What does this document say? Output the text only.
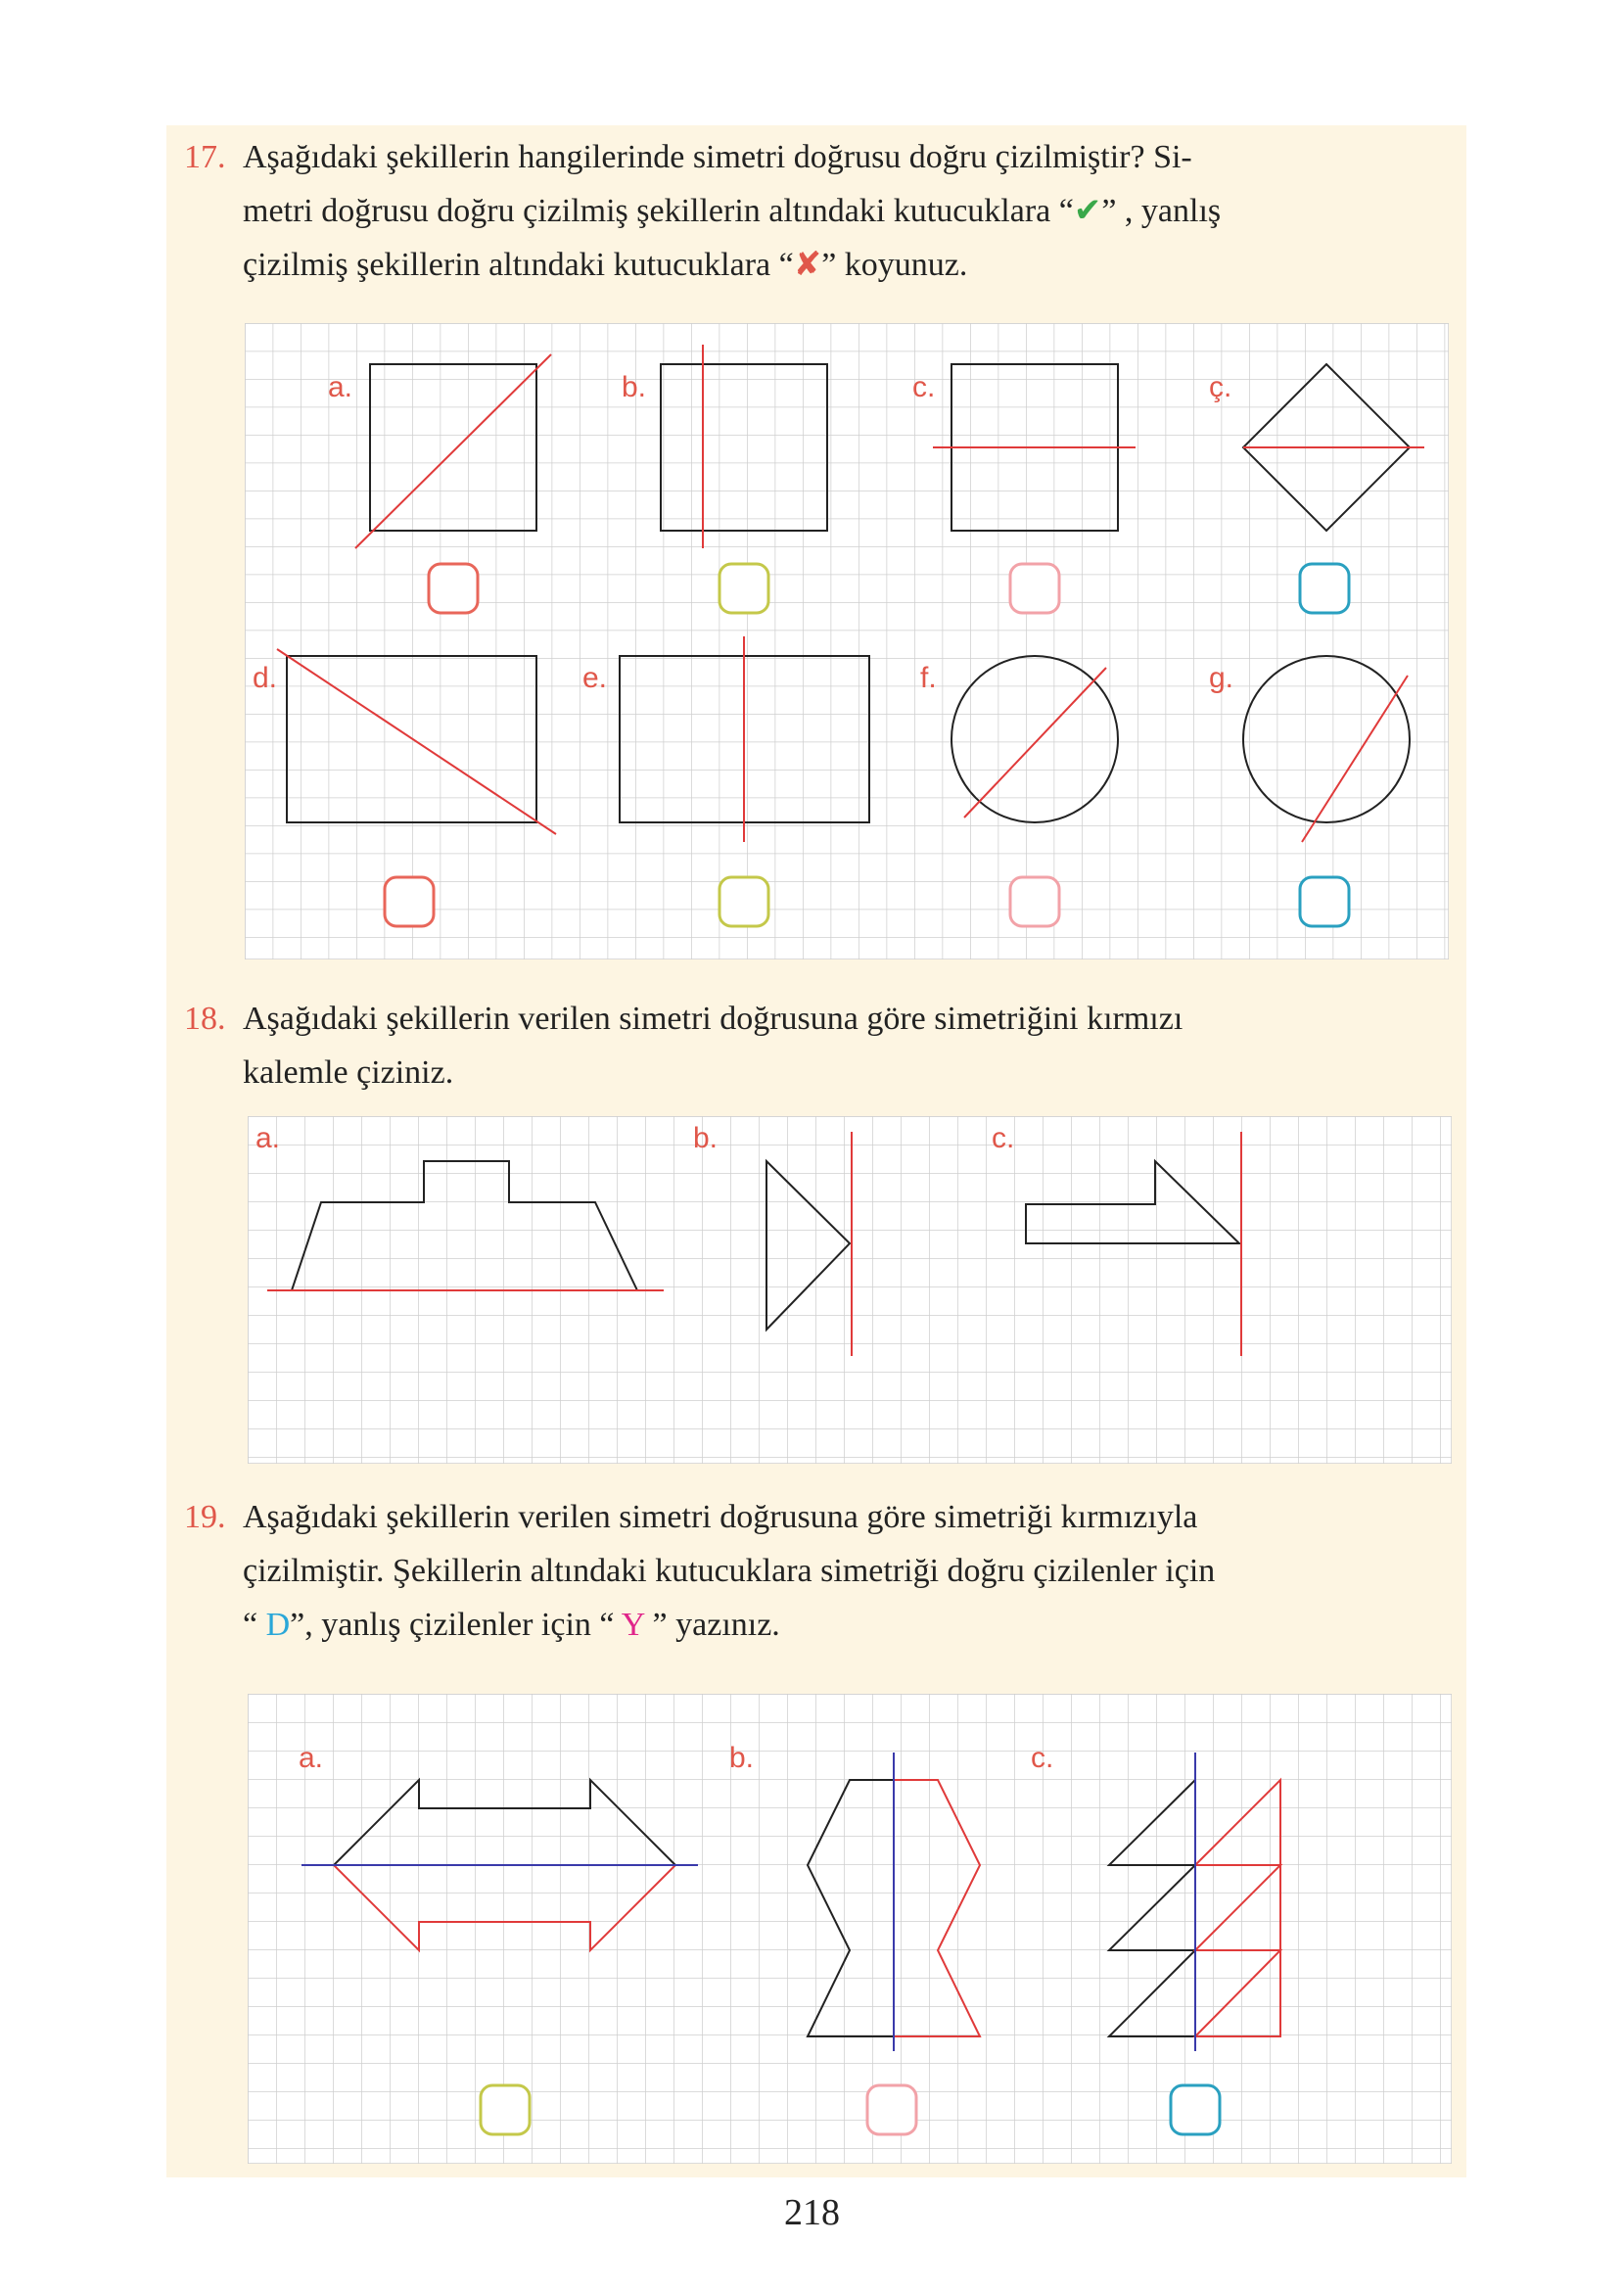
17. Aşağıdaki şekillerin hangilerinde simetri doğrusu doğru çizilmiştir? Si-
metri doğrusu doğru çizilmiş şekillerin altındaki kutucuklara “✔” , yanlış
çizilmiş şekillerin altındaki kutucuklara “✘” koyunuz.
a.	b.	c.	ç.
d.	e.	f.	g.
18. Aşağıdaki şekillerin verilen simetri doğrusuna göre simetriğini kırmızı
kalemle çiziniz.
a.	b.	c.
19. Aşağıdaki şekillerin verilen simetri doğrusuna göre simetriği kırmızıyla
çizilmiştir. Şekillerin altındaki kutucuklara simetriği doğru çizilenler için
“ D”, yanlış çizilenler için “ Y ” yazınız.
a.	b.	c.
218
